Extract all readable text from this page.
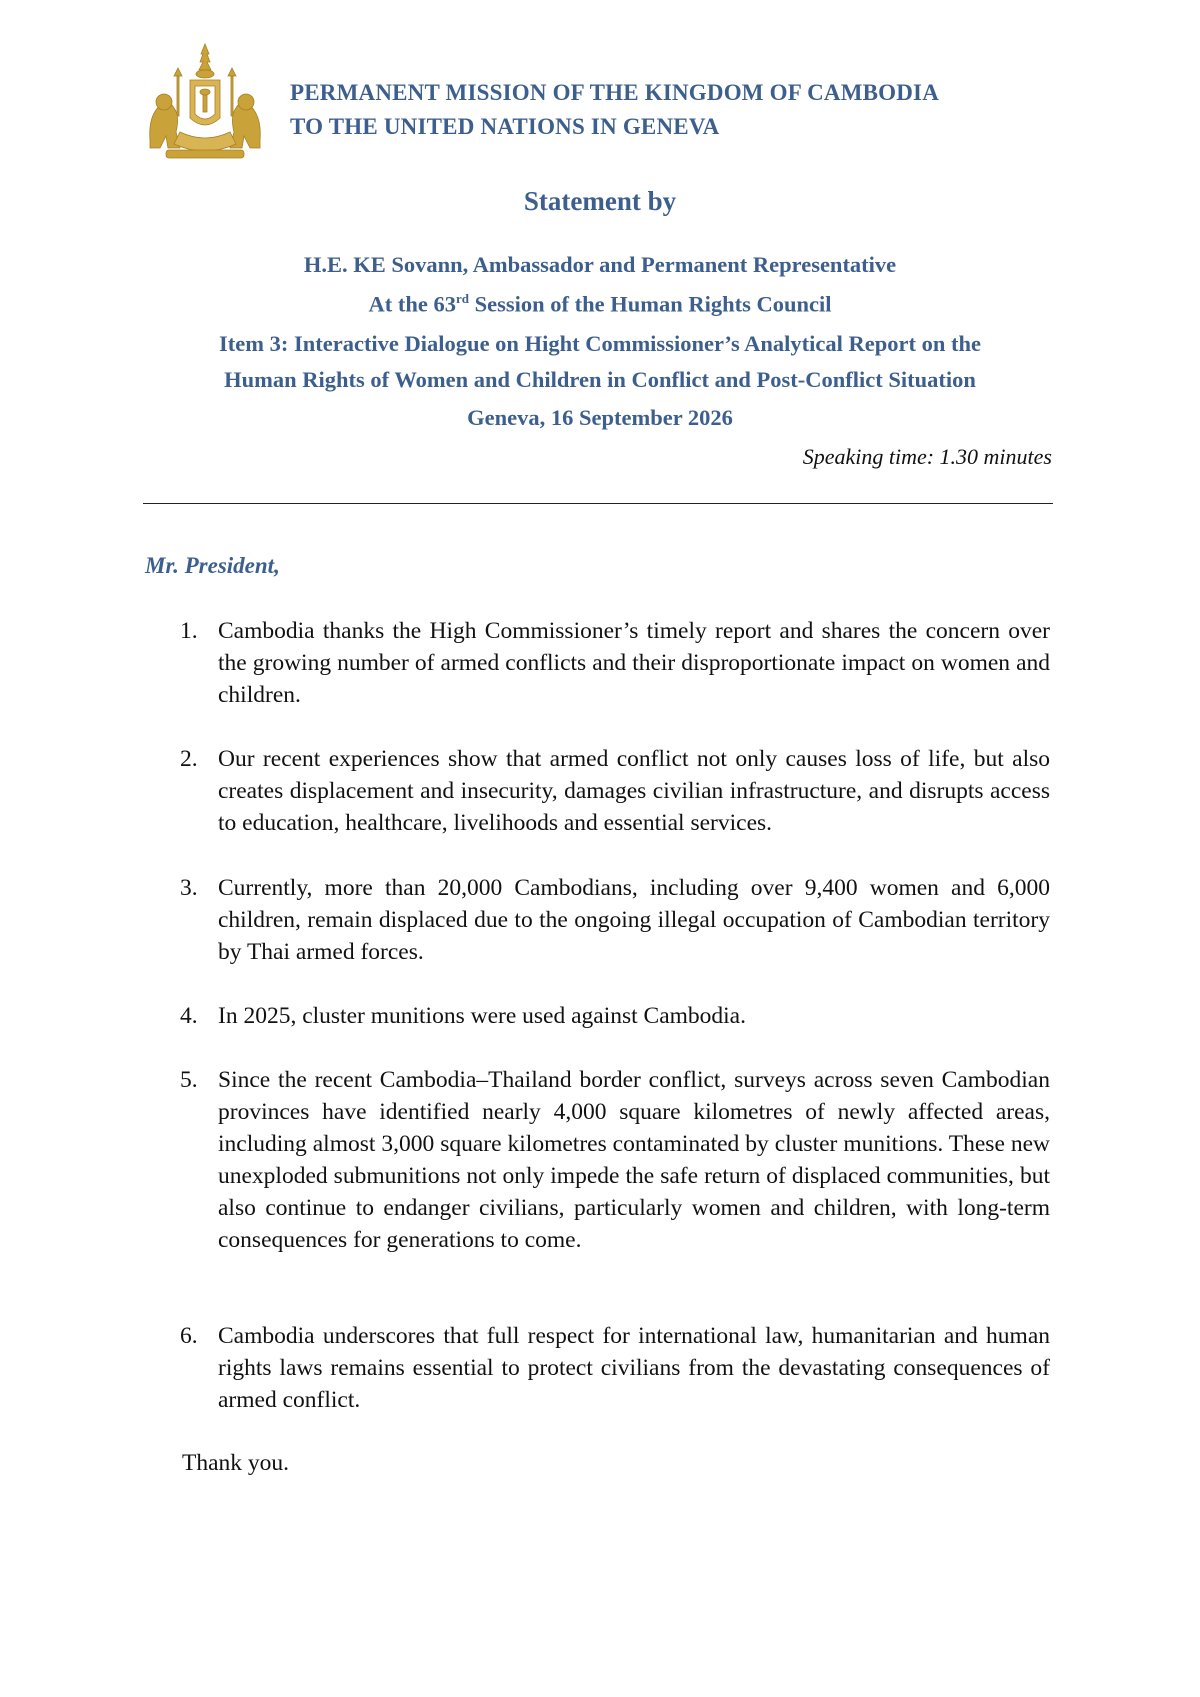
PERMANENT MISSION OF THE KINGDOM OF CAMBODIA
TO THE UNITED NATIONS IN GENEVA
Statement by
H.E. KE Sovann, Ambassador and Permanent Representative
At the 63rd Session of the Human Rights Council
Item 3: Interactive Dialogue on Hight Commissioner’s Analytical Report on the
Human Rights of Women and Children in Conflict and Post-Conflict Situation
Geneva, 16 September 2026
Speaking time: 1.30 minutes
Mr. President,
1. Cambodia thanks the High Commissioner’s timely report and shares the concern over the growing number of armed conflicts and their disproportionate impact on women and children.
2. Our recent experiences show that armed conflict not only causes loss of life, but also creates displacement and insecurity, damages civilian infrastructure, and disrupts access to education, healthcare, livelihoods and essential services.
3. Currently, more than 20,000 Cambodians, including over 9,400 women and 6,000 children, remain displaced due to the ongoing illegal occupation of Cambodian territory by Thai armed forces.
4. In 2025, cluster munitions were used against Cambodia.
5. Since the recent Cambodia–Thailand border conflict, surveys across seven Cambodian provinces have identified nearly 4,000 square kilometres of newly affected areas, including almost 3,000 square kilometres contaminated by cluster munitions. These new unexploded submunitions not only impede the safe return of displaced communities, but also continue to endanger civilians, particularly women and children, with long-term consequences for generations to come.
6. Cambodia underscores that full respect for international law, humanitarian and human rights laws remains essential to protect civilians from the devastating consequences of armed conflict.
Thank you.
